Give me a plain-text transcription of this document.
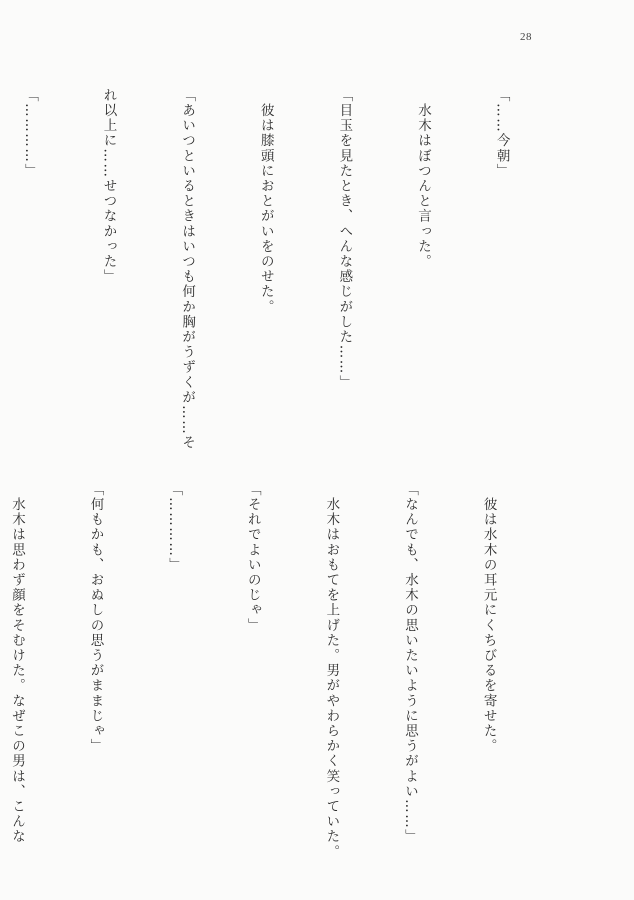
28

「……今朝」

　水木はぼつんと言った。

「目玉を見たとき、へんな感じがした……」

　彼は膝頭におとがいをのせた。

「あいつといるときはいつも何か胸がうずくが……そ

れ以上に……せつなかった」

「…………」

　彼は水木の耳元にくちびるを寄せた。

「なんでも、水木の思いたいように思うがよい……」

　水木はおもてを上げた。男がやわらかく笑っていた。

「それでよいのじゃ」

「…………」

「何もかも、おぬしの思うがままじゃ」

　水木は思わず顔をそむけた。なぜこの男は、こんな
